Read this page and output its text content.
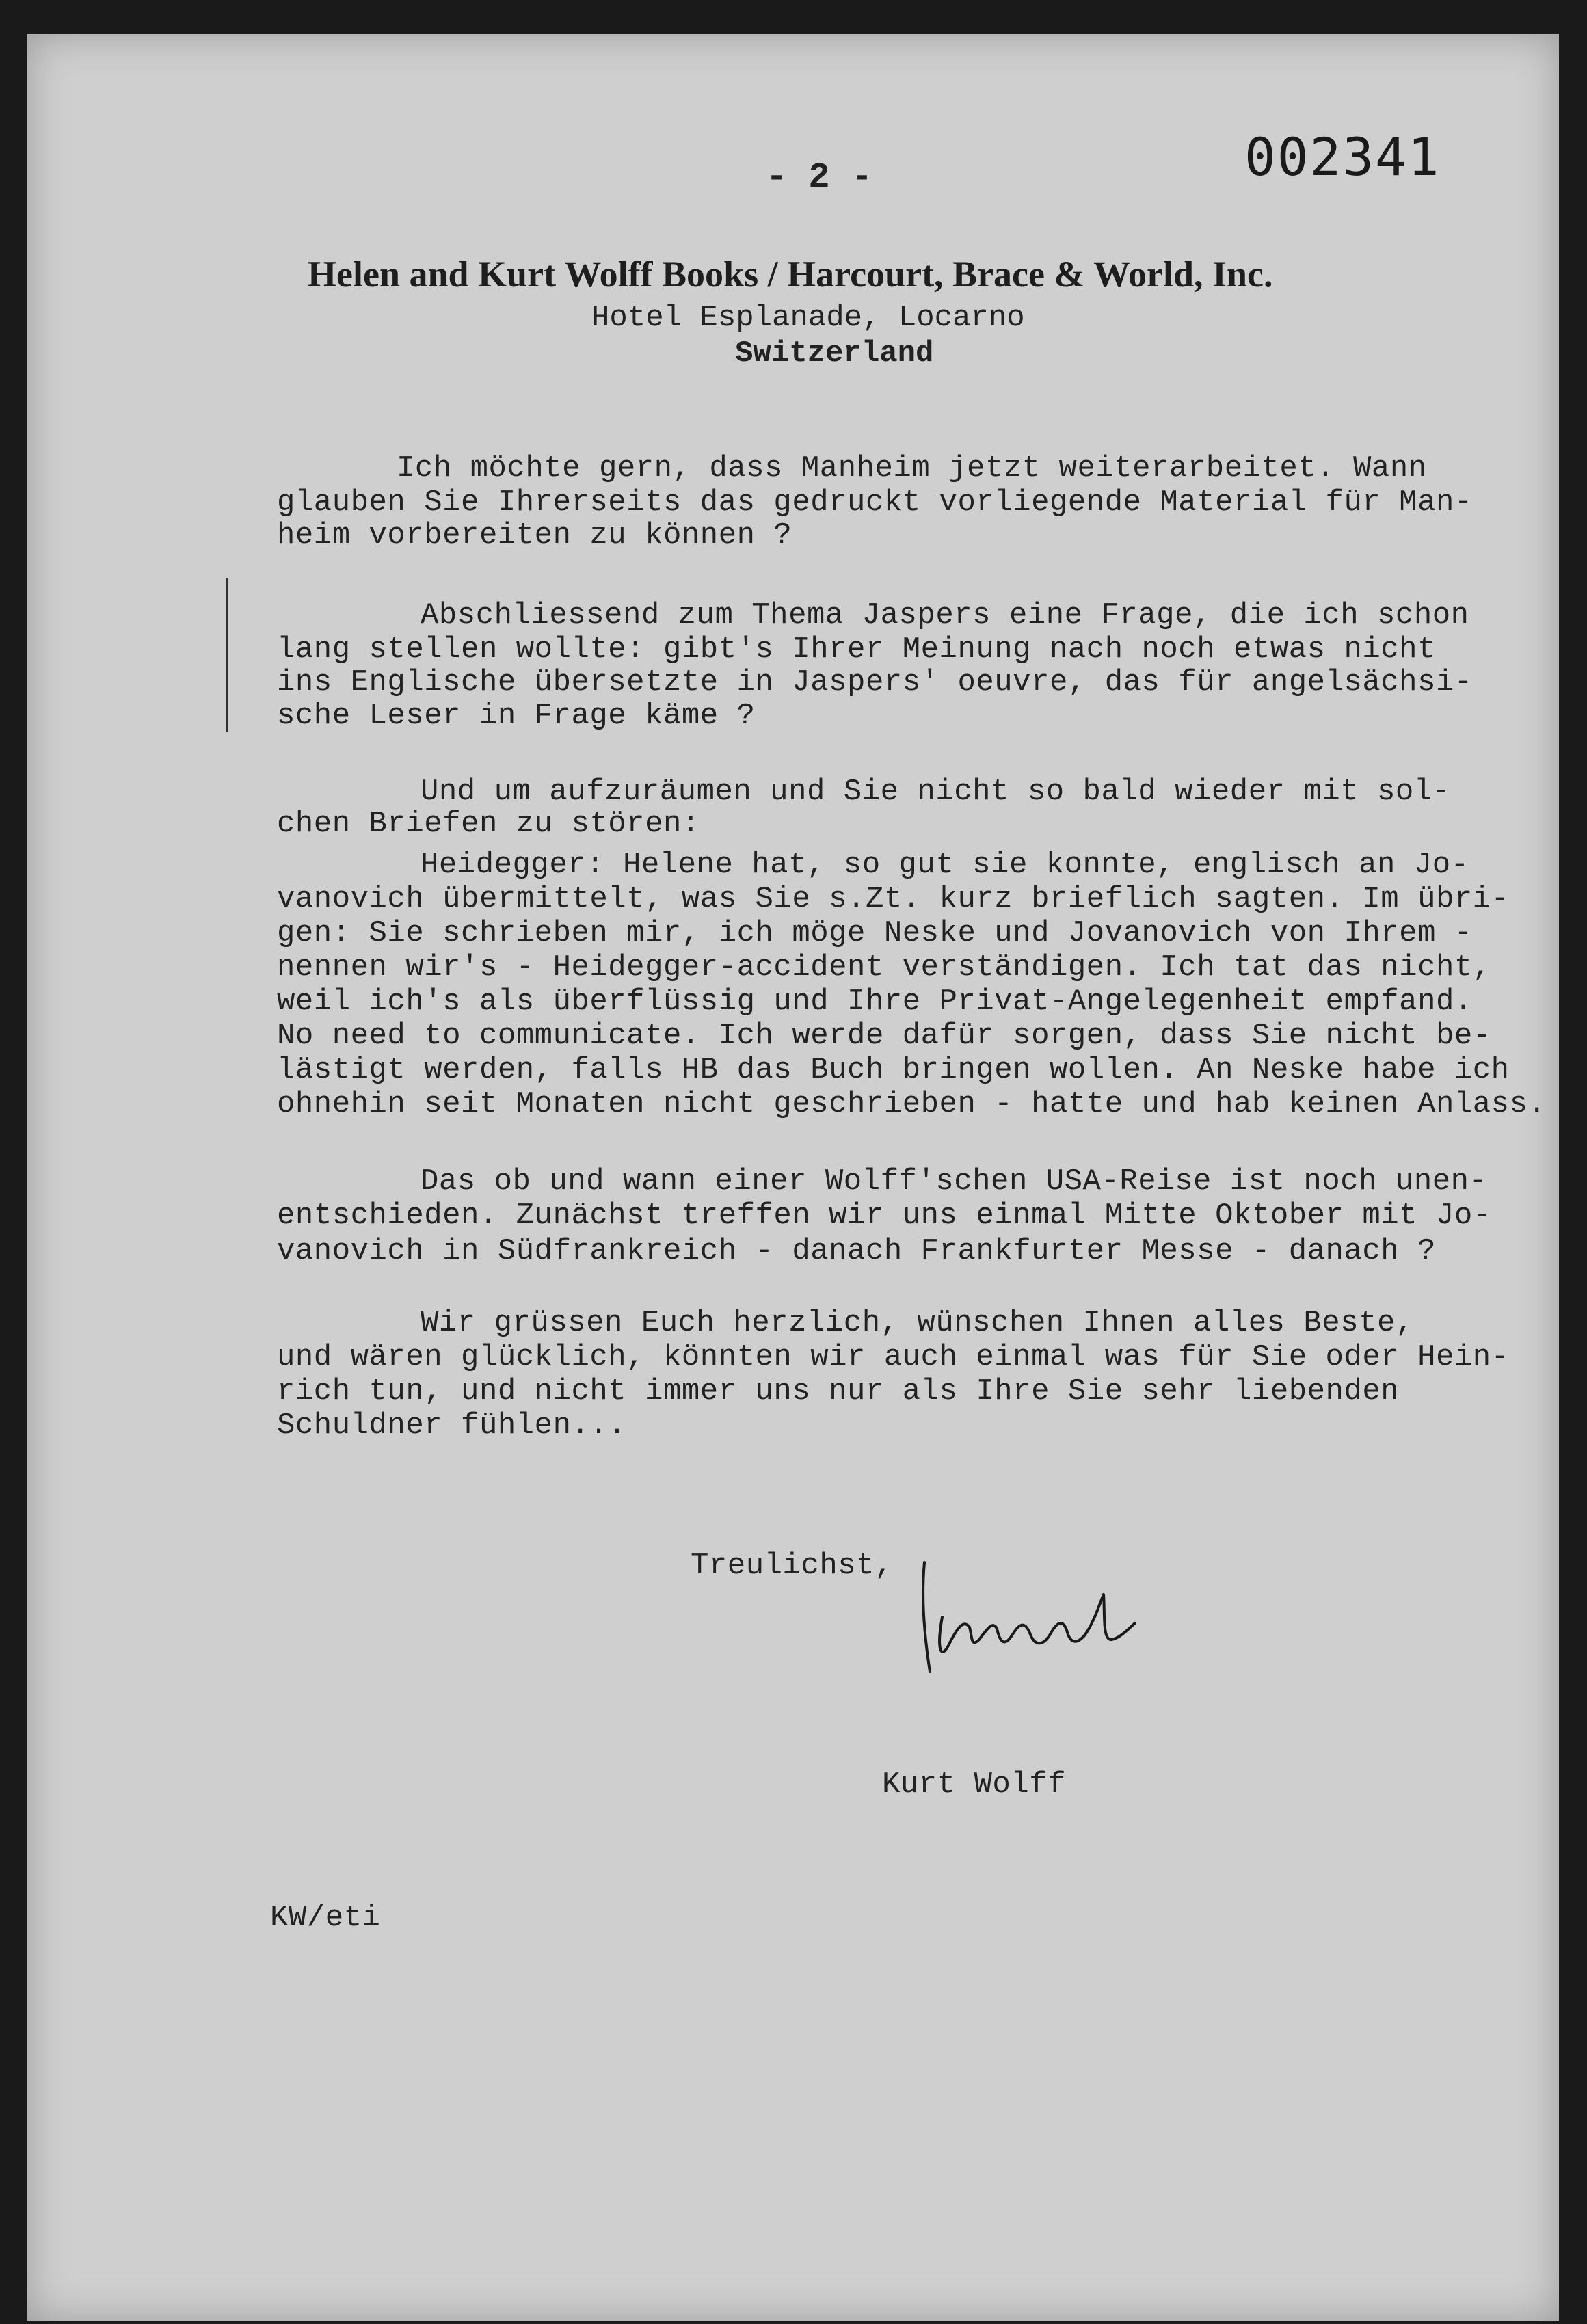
002341
- 2 -
Helen and Kurt Wolff Books / Harcourt, Brace & World, Inc.
Hotel Esplanade, Locarno
Switzerland
Ich möchte gern, dass Manheim jetzt weiterarbeitet. Wann
glauben Sie Ihrerseits das gedruckt vorliegende Material für Man-
heim vorbereiten zu können ?
Abschliessend zum Thema Jaspers eine Frage, die ich schon
lang stellen wollte: gibt's Ihrer Meinung nach noch etwas nicht
ins Englische übersetzte in Jaspers' oeuvre, das für angelsächsi-
sche Leser in Frage käme ?
Und um aufzuräumen und Sie nicht so bald wieder mit sol-
chen Briefen zu stören:
Heidegger: Helene hat, so gut sie konnte, englisch an Jo-
vanovich übermittelt, was Sie s.Zt. kurz brieflich sagten. Im übri-
gen: Sie schrieben mir, ich möge Neske und Jovanovich von Ihrem -
nennen wir's - Heidegger-accident verständigen. Ich tat das nicht,
weil ich's als überflüssig und Ihre Privat-Angelegenheit empfand.
No need to communicate. Ich werde dafür sorgen, dass Sie nicht be-
lästigt werden, falls HB das Buch bringen wollen. An Neske habe ich
ohnehin seit Monaten nicht geschrieben - hatte und hab keinen Anlass.
Das ob und wann einer Wolff'schen USA-Reise ist noch unen-
entschieden. Zunächst treffen wir uns einmal Mitte Oktober mit Jo-
vanovich in Südfrankreich - danach Frankfurter Messe - danach ?
Wir grüssen Euch herzlich, wünschen Ihnen alles Beste,
und wären glücklich, könnten wir auch einmal was für Sie oder Hein-
rich tun, und nicht immer uns nur als Ihre Sie sehr liebenden
Schuldner fühlen...
Treulichst,
Kurt Wolff
KW/eti
